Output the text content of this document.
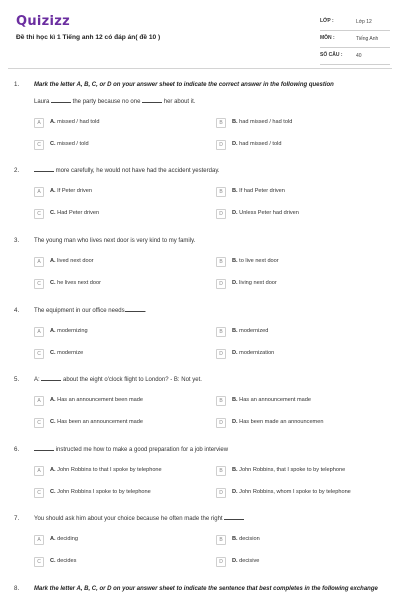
Quizizz
Đề thi học kì 1 Tiếng anh 12 có đáp án( đề 10 )
LỚP :	Lớp 12
MÔN :	Tiếng Anh
SỐ CÂU :	40
1. Mark the letter A, B, C, or D on your answer sheet to indicate the correct answer in the following question
Laura	the party because no one	her about it.
A	A. missed / had told	B	B. had missed / had told
C	C. missed / told	D	D. had missed / told
2.	more carefully, he would not have had the accident yesterday.
A	A. If Peter driven	B	B. If had Peter driven
C	C. Had Peter driven	D	D. Unless Peter had driven
3. The young man who lives next door is very kind to my family.
A	A. lived next door	B	B. to live next door
C	C. he lives next door	D	D. living next door
4. The equipment in our office needs	.
A	A. modernizing	B	B. modernized
C	C. modernize	D	D. modernization
5. A:	about the eight o'clock flight to London? - B: Not yet.
A	A. Has an announcement been made	B	B. Has an announcement made
C	C. Has been an announcement made	D	D. Has been made an announcemen
6.	instructed me how to make a good preparation for a job interview
A	A. John Robbins to that I spoke by telephone	B	B. John Robbins, that I spoke to by telephone
C	C. John Robbins I spoke to by telephone	D	D. John Robbins, whom I spoke to by telephone
7. You should ask him about your choice because he often made the right
A	A. deciding	B	B. decision
C	C. decides	D	D. decisive
8. Mark the letter A, B, C, or D on your answer sheet to indicate the sentence that best completes in the following exchange
